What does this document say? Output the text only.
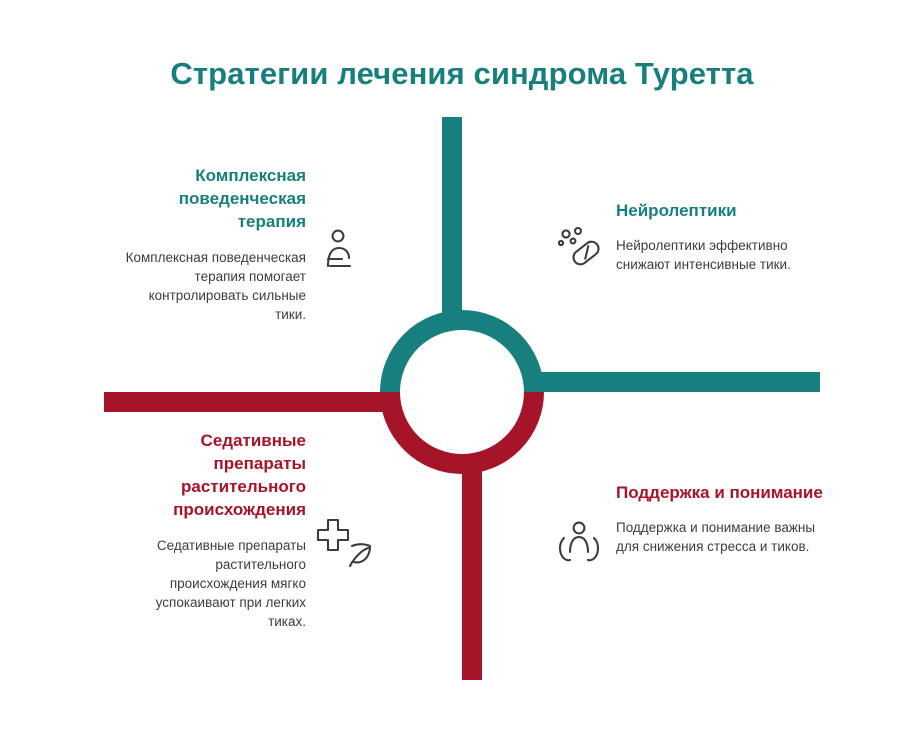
Стратегии лечения синдрома Туретта
Комплексная поведенческая терапия
Комплексная поведенческая терапия помогает контролировать сильные тики.
Нейролептики
Нейролептики эффективно снижают интенсивные тики.
Седативные препараты растительного происхождения
Седативные препараты растительного происхождения мягко успокаивают при легких тиках.
Поддержка и понимание
Поддержка и понимание важны для снижения стресса и тиков.
